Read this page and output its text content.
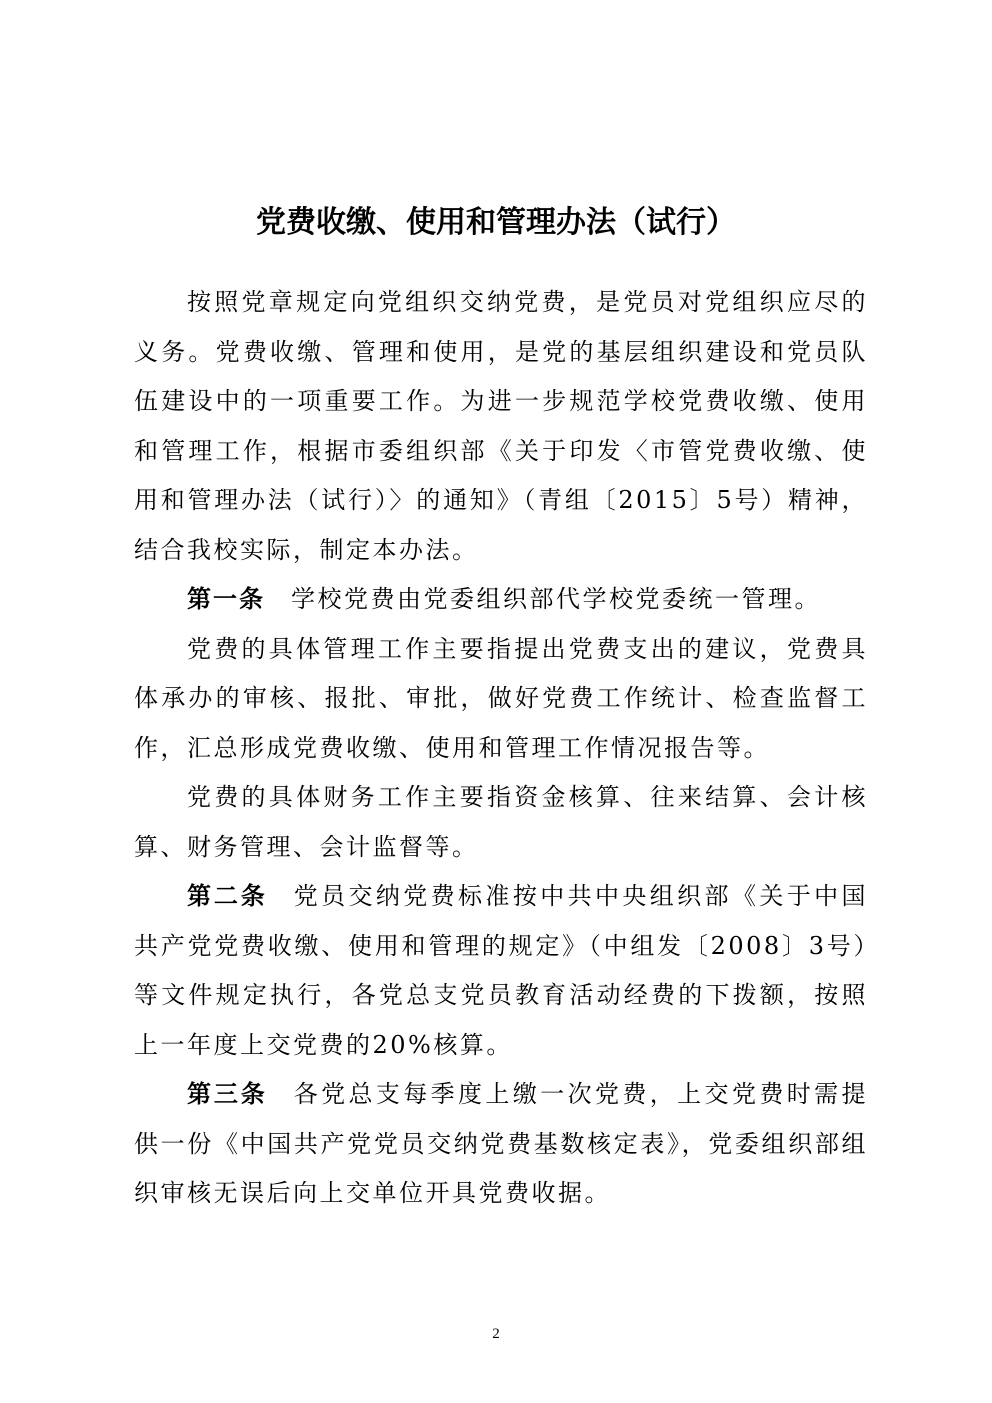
党费收缴、使用和管理办法（试行）

按照党章规定向党组织交纳党费，是党员对党组织应尽的义务。党费收缴、管理和使用，是党的基层组织建设和党员队伍建设中的一项重要工作。为进一步规范学校党费收缴、使用和管理工作，根据市委组织部《关于印发〈市管党费收缴、使用和管理办法（试行）〉的通知》（青组〔2015〕5号）精神，结合我校实际，制定本办法。

第一条 学校党费由党委组织部代学校党委统一管理。

党费的具体管理工作主要指提出党费支出的建议，党费具体承办的审核、报批、审批，做好党费工作统计、检查监督工作，汇总形成党费收缴、使用和管理工作情况报告等。

党费的具体财务工作主要指资金核算、往来结算、会计核算、财务管理、会计监督等。

第二条 党员交纳党费标准按中共中央组织部《关于中国共产党党费收缴、使用和管理的规定》（中组发〔2008〕3号）等文件规定执行，各党总支党员教育活动经费的下拨额，按照上一年度上交党费的20%核算。

第三条 各党总支每季度上缴一次党费，上交党费时需提供一份《中国共产党党员交纳党费基数核定表》，党委组织部组织审核无误后向上交单位开具党费收据。

2
